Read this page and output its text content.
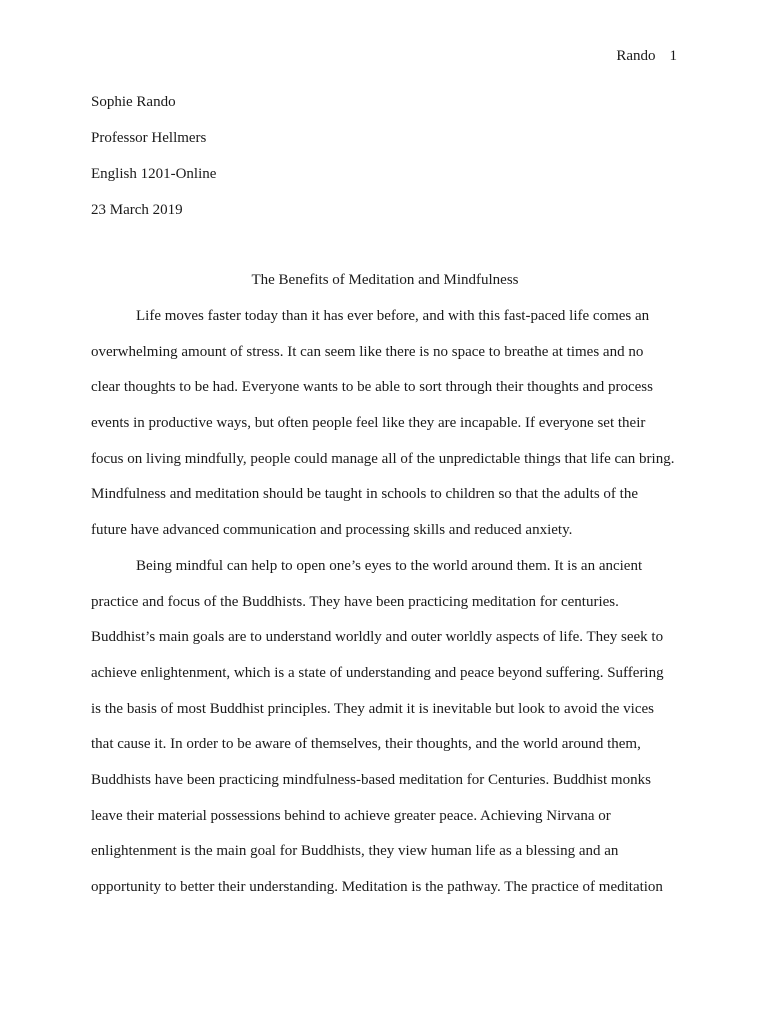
Rando 1
Sophie Rando
Professor Hellmers
English 1201-Online
23 March 2019
The Benefits of Meditation and Mindfulness
Life moves faster today than it has ever before, and with this fast-paced life comes an
overwhelming amount of stress. It can seem like there is no space to breathe at times and no
clear thoughts to be had. Everyone wants to be able to sort through their thoughts and process
events in productive ways, but often people feel like they are incapable. If everyone set their
focus on living mindfully, people could manage all of the unpredictable things that life can bring.
Mindfulness and meditation should be taught in schools to children so that the adults of the
future have advanced communication and processing skills and reduced anxiety.
Being mindful can help to open one’s eyes to the world around them. It is an ancient
practice and focus of the Buddhists. They have been practicing meditation for centuries.
Buddhist’s main goals are to understand worldly and outer worldly aspects of life. They seek to
achieve enlightenment, which is a state of understanding and peace beyond suffering. Suffering
is the basis of most Buddhist principles. They admit it is inevitable but look to avoid the vices
that cause it. In order to be aware of themselves, their thoughts, and the world around them,
Buddhists have been practicing mindfulness-based meditation for Centuries. Buddhist monks
leave their material possessions behind to achieve greater peace. Achieving Nirvana or
enlightenment is the main goal for Buddhists, they view human life as a blessing and an
opportunity to better their understanding. Meditation is the pathway. The practice of meditation
